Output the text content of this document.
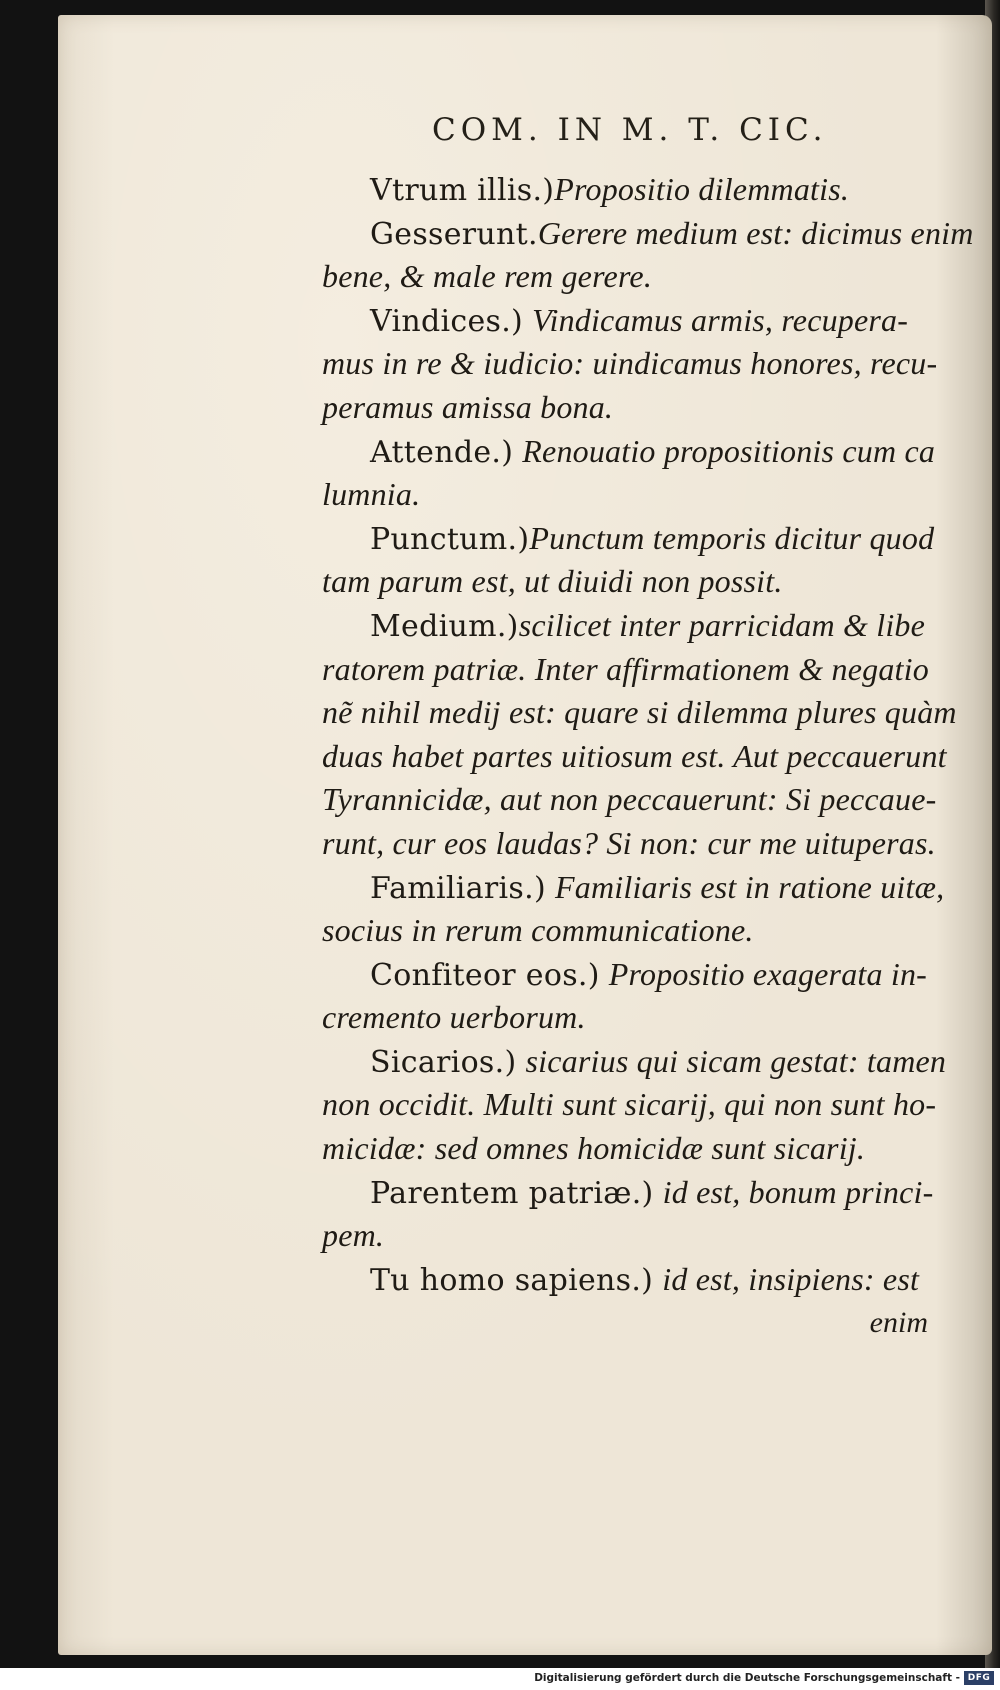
COM. IN M. T. CIC.
Vtrum illis.)Propositio dilemmatis.
Gesserunt.Gerere medium est: dicimus enim
bene, & male rem gerere.
Vindices.) Vindicamus armis, recupera-
mus in re & iudicio: uindicamus honores, recu-
peramus amissa bona.
Attende.) Renouatio propositionis cum ca
lumnia.
Punctum.)Punctum temporis dicitur quod
tam parum est, ut diuidi non possit.
Medium.)scilicet inter parricidam & libe
ratorem patriæ. Inter affirmationem & negatio
nẽ nihil medij est: quare si dilemma plures quàm
duas habet partes uitiosum est. Aut peccauerunt
Tyrannicidæ, aut non peccauerunt: Si peccaue-
runt, cur eos laudas? Si non: cur me uituperas.
Familiaris.) Familiaris est in ratione uitæ,
socius in rerum communicatione.
Confiteor eos.) Propositio exagerata in-
cremento uerborum.
Sicarios.) sicarius qui sicam gestat: tamen
non occidit. Multi sunt sicarij, qui non sunt ho-
micidæ: sed omnes homicidæ sunt sicarij.
Parentem patriæ.) id est, bonum princi-
pem.
Tu homo sapiens.) id est, insipiens: est
enim
Digitalisierung gefördert durch die Deutsche Forschungsgemeinschaft - DFG
